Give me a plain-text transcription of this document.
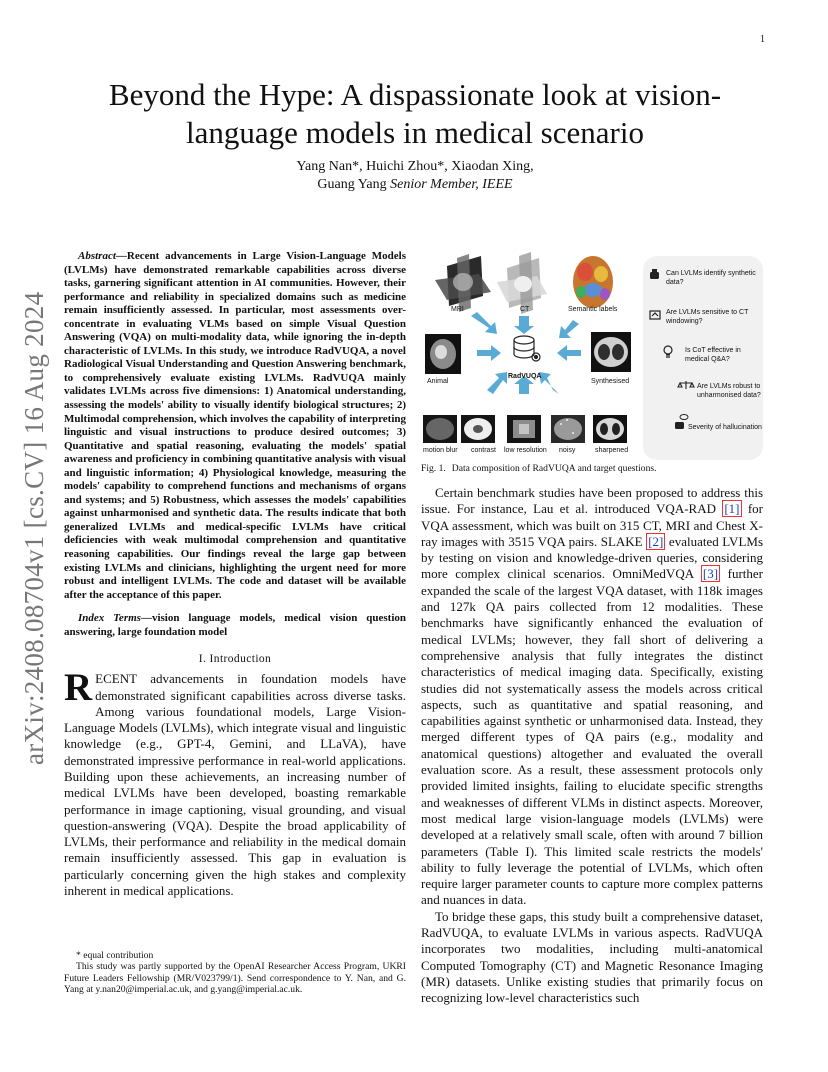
1
arXiv:2408.08704v1 [cs.CV] 16 Aug 2024
Beyond the Hype: A dispassionate look at vision-language models in medical scenario
Yang Nan*, Huichi Zhou*, Xiaodan Xing,
Guang Yang Senior Member, IEEE

Abstract—Recent advancements in Large Vision-Language Models (LVLMs) have demonstrated remarkable capabilities across diverse tasks, garnering significant attention in AI communities. However, their performance and reliability in specialized domains such as medicine remain insufficiently assessed. In particular, most assessments over-concentrate in evaluating VLMs based on simple Visual Question Answering (VQA) on multi-modality data, while ignoring the in-depth characteristic of LVLMs. In this study, we introduce RadVUQA, a novel Radiological Visual Understanding and Question Answering benchmark, to comprehensively evaluate existing LVLMs. RadVUQA mainly validates LVLMs across five dimensions: 1) Anatomical understanding, assessing the models' ability to visually identify biological structures; 2) Multimodal comprehension, which involves the capability of interpreting linguistic and visual instructions to produce desired outcomes; 3) Quantitative and spatial reasoning, evaluating the models' spatial awareness and proficiency in combining quantitative analysis with visual and linguistic information; 4) Physiological knowledge, measuring the models' capability to comprehend functions and mechanisms of organs and systems; and 5) Robustness, which assesses the models' capabilities against unharmonised and synthetic data. The results indicate that both generalized LVLMs and medical-specific LVLMs have critical deficiencies with weak multimodal comprehension and quantitative reasoning capabilities. Our findings reveal the large gap between existing LVLMs and clinicians, highlighting the urgent need for more robust and intelligent LVLMs. The code and dataset will be available after the acceptance of this paper.

Index Terms—vision language models, medical vision question answering, large foundation model

I. Introduction

RECENT advancements in foundation models have demonstrated significant capabilities across diverse tasks. Among various foundational models, Large Vision-Language Models (LVLMs), which integrate visual and linguistic knowledge (e.g., GPT-4, Gemini, and LLaVA), have demonstrated impressive performance in real-world applications. Building upon these achievements, an increasing number of medical LVLMs have been developed, boasting remarkable performance in image captioning, visual grounding, and visual question-answering (VQA). Despite the broad applicability of LVLMs, their performance and reliability in the medical domain remain insufficiently assessed. This gap in evaluation is particularly concerning given the high stakes and complexity inherent in medical applications.

* equal contribution

This study was partly supported by the OpenAI Researcher Access Program, UKRI Future Leaders Fellowship (MR/V023799/1). Send correspondence to Y. Nan, and G. Yang at y.nan20@imperial.ac.uk, and g.yang@imperial.ac.uk.

MRI	CT	Semantic labels
Animal
RadVUQA
Synthesised
motion blur contrast low resolution noisy	sharpened
Can LVLMs identify synthetic data?
Are LVLMs sensitive to CT windowing?
Is CoT effective in medical Q&A?
Are LVLMs robust to unharmonised data?
Severity of hallucination

Fig. 1. Data composition of RadVUQA and target questions.

Certain benchmark studies have been proposed to address this issue. For instance, Lau et al. introduced VQA-RAD [1] for VQA assessment, which was built on 315 CT, MRI and Chest X-ray images with 3515 VQA pairs. SLAKE [2] evaluated LVLMs by testing on vision and knowledge-driven queries, considering more complex clinical scenarios. OmniMedVQA [3] further expanded the scale of the largest VQA dataset, with 118k images and 127k QA pairs collected from 12 modalities. These benchmarks have significantly enhanced the evaluation of medical LVLMs; however, they fall short of delivering a comprehensive analysis that fully integrates the distinct characteristics of medical imaging data. Specifically, existing studies did not systematically assess the models across critical aspects, such as quantitative and spatial reasoning, and capabilities against synthetic or unharmonised data. Instead, they merged different types of QA pairs (e.g., modality and anatomical questions) altogether and evaluated the overall evaluation score. As a result, these assessment protocols only provided limited insights, failing to elucidate specific strengths and weaknesses of different VLMs in distinct aspects. Moreover, most medical large vision-language models (LVLMs) were developed at a relatively small scale, often with around 7 billion parameters (Table I). This limited scale restricts the models' ability to fully leverage the potential of LVLMs, which often require larger parameter counts to capture more complex patterns and nuances in data.

To bridge these gaps, this study built a comprehensive dataset, RadVUQA, to evaluate LVLMs in various aspects. RadVUQA incorporates two modalities, including multi-anatomical Computed Tomography (CT) and Magnetic Resonance Imaging (MR) datasets. Unlike existing studies that primarily focus on recognizing low-level characteristics such
